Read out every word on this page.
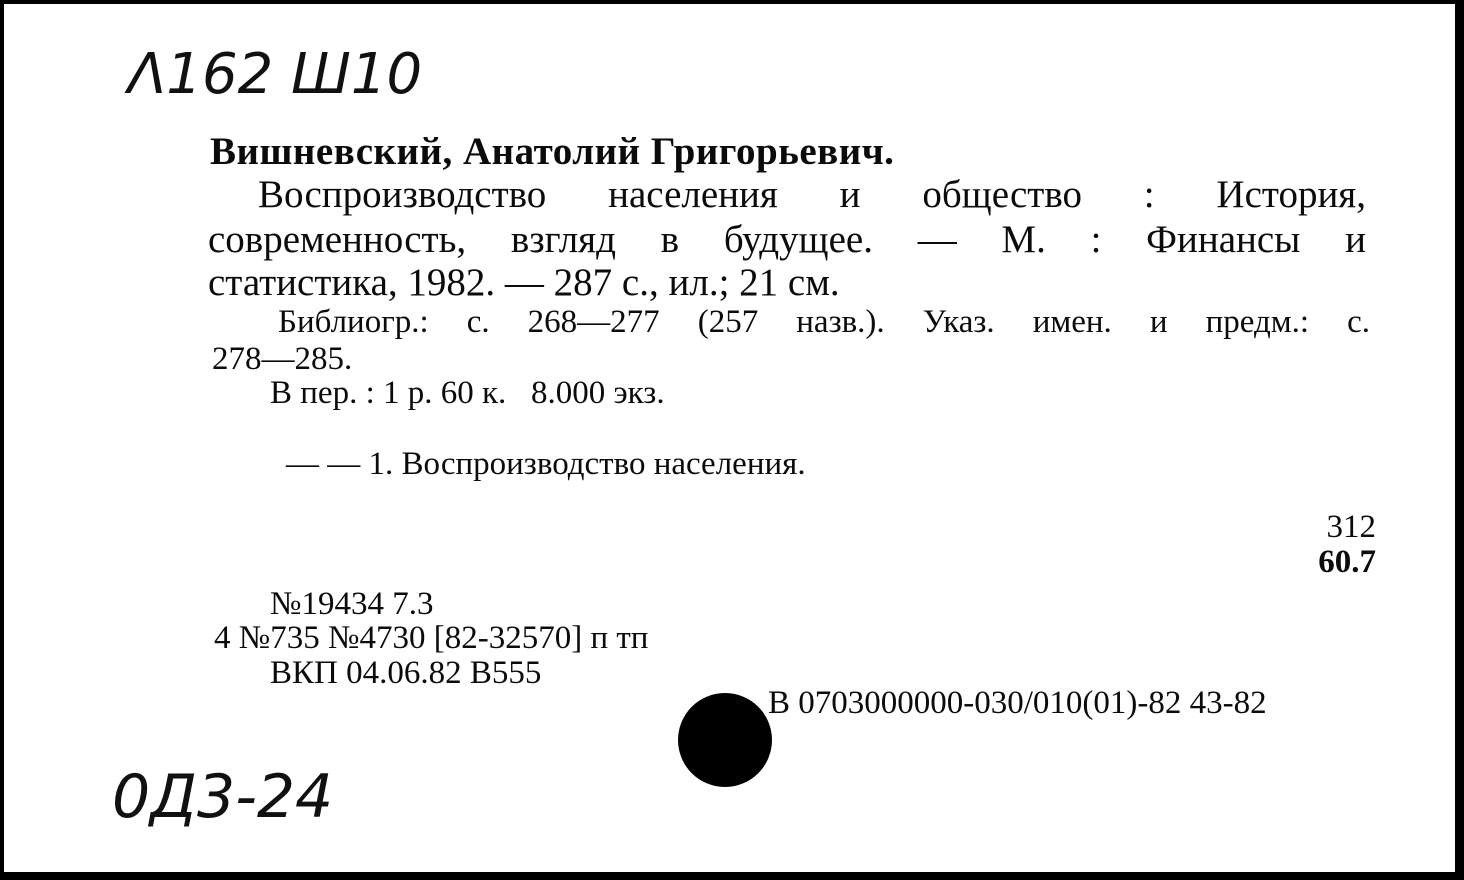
Λ162 Ш10
Вишневский, Анатолий Григорьевич.
Воспроизводство населения и общество : История,
современность, взгляд в будущее. — М. : Финансы и
статистика, 1982. — 287 с., ил.; 21 см.
Библиогр.: с. 268—277 (257 назв.). Указ. имен. и предм.: с.
278—285.
В пер. : 1 р. 60 к.   8.000 экз.
— — 1. Воспроизводство населения.
312
60.7
№19434 7.3
4 №735 №4730 [82-32570] п тп
ВКП 04.06.82 В555
В 0703000000-030/010(01)-82 43-82
0Д3-24
